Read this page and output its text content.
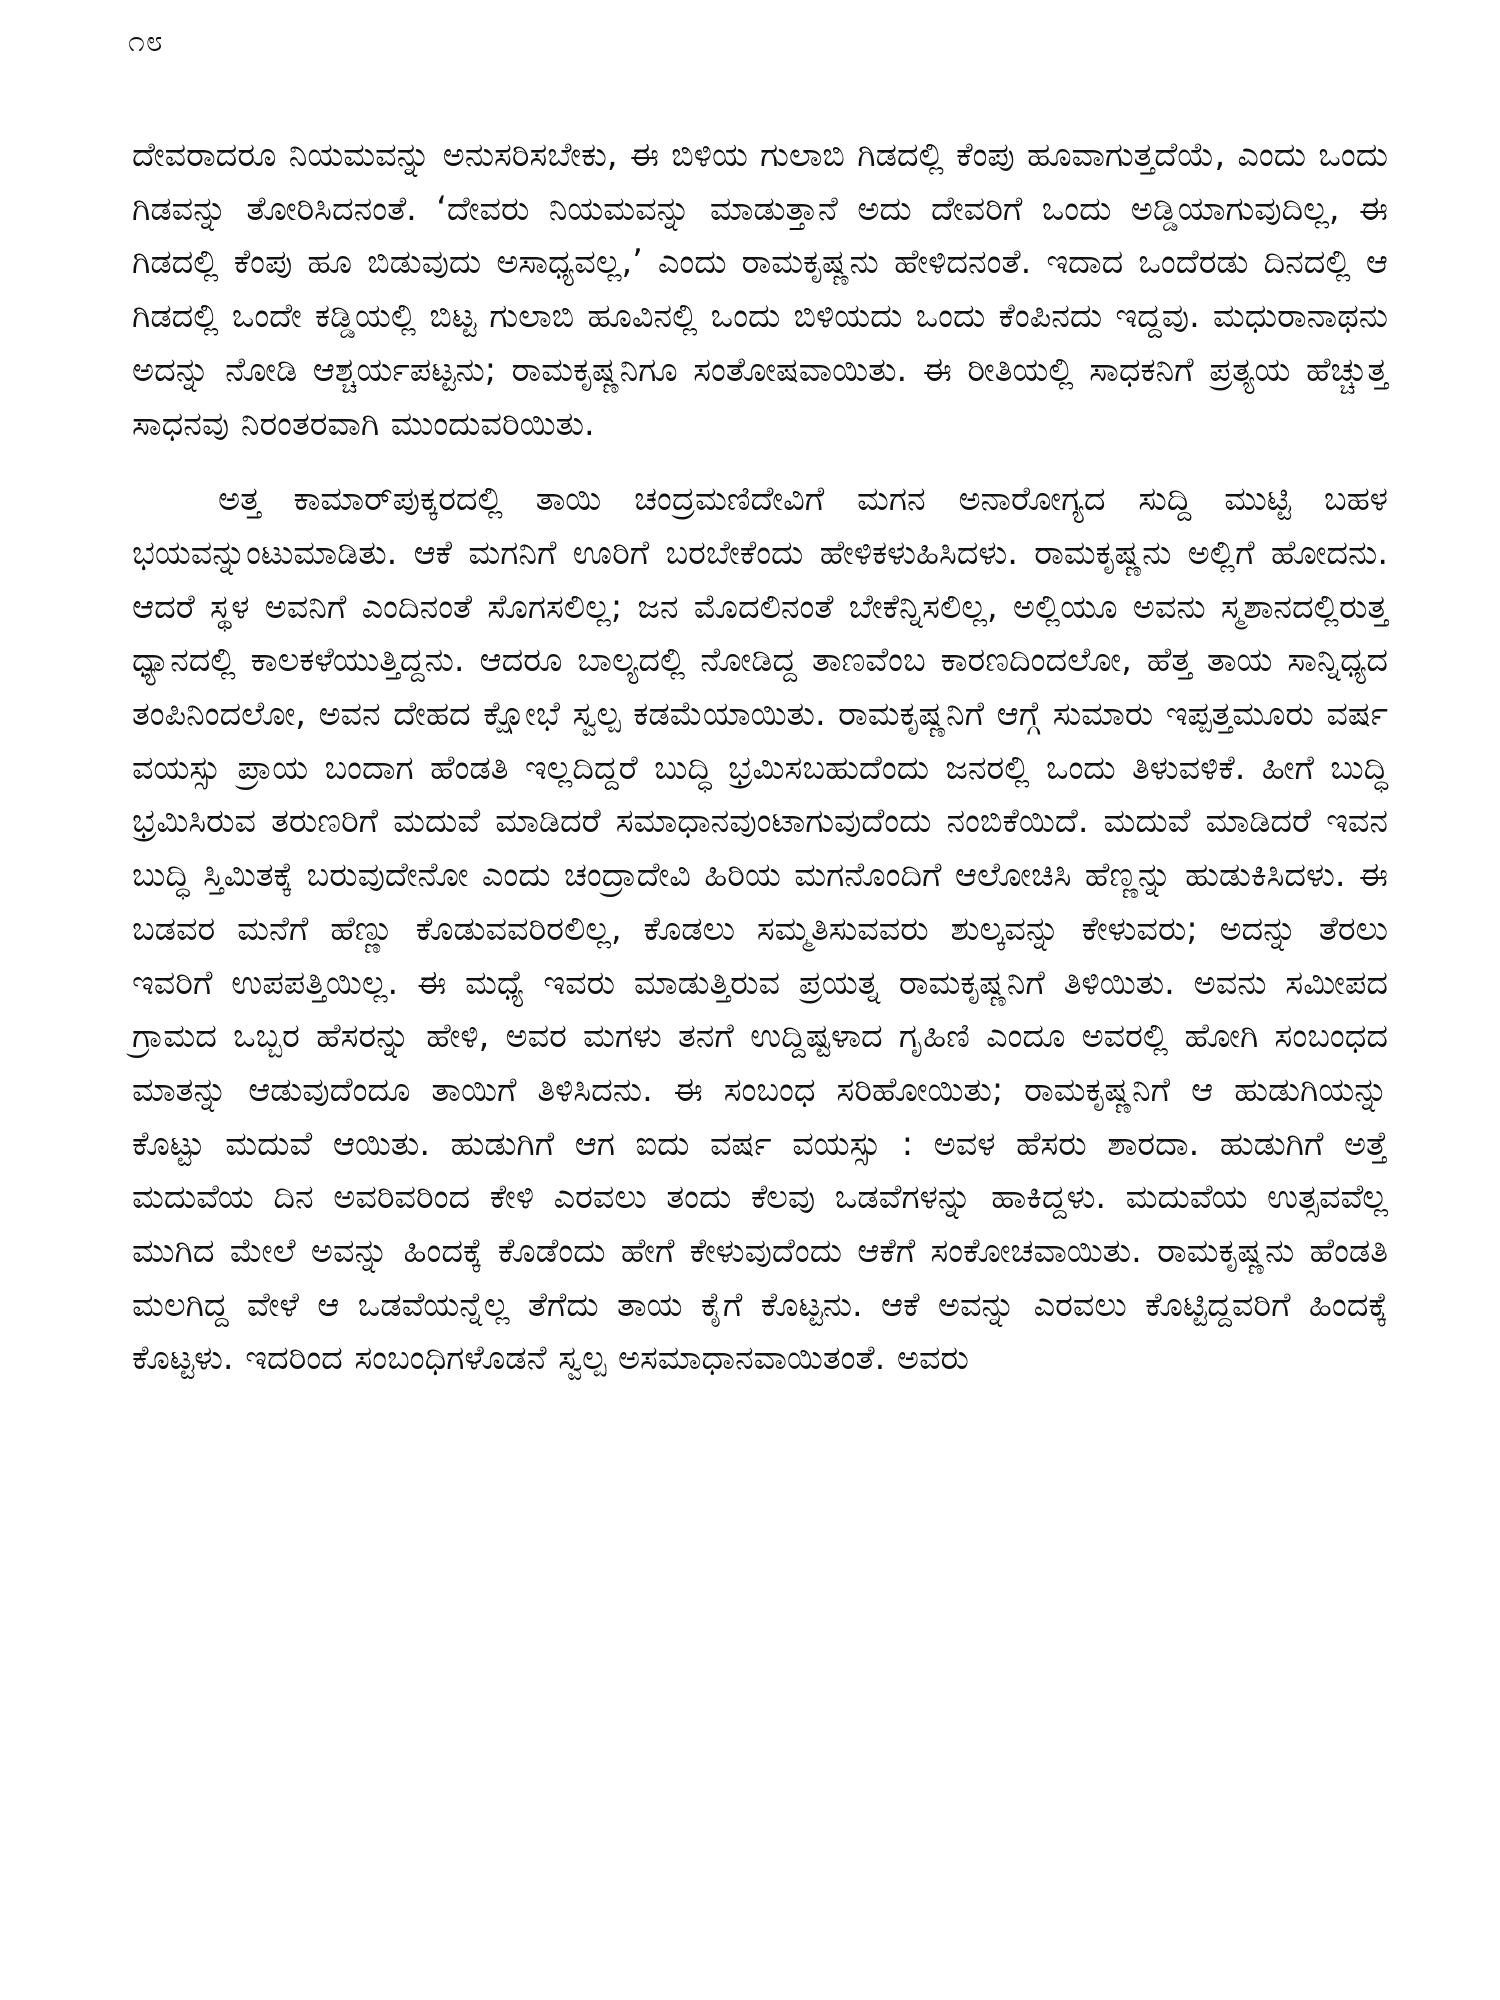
೧೮

ದೇವರಾದರೂ ನಿಯಮವನ್ನು ಅನುಸರಿಸಬೇಕು, ಈ ಬಿಳಿಯ ಗುಲಾಬಿ ಗಿಡದಲ್ಲಿ ಕೆಂಪು ಹೂವಾಗುತ್ತದೆಯೆ, ಎಂದು ಒಂದು ಗಿಡವನ್ನು ತೋರಿಸಿದನಂತೆ. ‘ದೇವರು ನಿಯಮವನ್ನು ಮಾಡುತ್ತಾನೆ ಅದು ದೇವರಿಗೆ ಒಂದು ಅಡ್ಡಿಯಾಗುವುದಿಲ್ಲ, ಈ ಗಿಡದಲ್ಲಿ ಕೆಂಪು ಹೂ ಬಿಡುವುದು ಅಸಾಧ್ಯವಲ್ಲ,’ ಎಂದು ರಾಮಕೃಷ್ಣನು ಹೇಳಿದನಂತೆ. ಇದಾದ ಒಂದೆರಡು ದಿನದಲ್ಲಿ ಆ ಗಿಡದಲ್ಲಿ ಒಂದೇ ಕಡ್ಡಿಯಲ್ಲಿ ಬಿಟ್ಟ ಗುಲಾಬಿ ಹೂವಿನಲ್ಲಿ ಒಂದು ಬಿಳಿಯದು ಒಂದು ಕೆಂಪಿನದು ಇದ್ದವು. ಮಧುರಾನಾಥನು ಅದನ್ನು ನೋಡಿ ಆಶ್ಚರ್ಯಪಟ್ಟನು; ರಾಮಕೃಷ್ಣನಿಗೂ ಸಂತೋಷವಾಯಿತು. ಈ ರೀತಿಯಲ್ಲಿ ಸಾಧಕನಿಗೆ ಪ್ರತ್ಯಯ ಹೆಚ್ಚುತ್ತ ಸಾಧನವು ನಿರಂತರವಾಗಿ ಮುಂದುವರಿಯಿತು.

ಅತ್ತ ಕಾಮಾರ್‌ಪುಕ್ಕರದಲ್ಲಿ ತಾಯಿ ಚಂದ್ರಮಣಿದೇವಿಗೆ ಮಗನ ಅನಾರೋಗ್ಯದ ಸುದ್ದಿ ಮುಟ್ಟಿ ಬಹಳ ಭಯವನ್ನುಂಟುಮಾಡಿತು. ಆಕೆ ಮಗನಿಗೆ ಊರಿಗೆ ಬರಬೇಕೆಂದು ಹೇಳಿಕಳುಹಿಸಿದಳು. ರಾಮಕೃಷ್ಣನು ಅಲ್ಲಿಗೆ ಹೋದನು. ಆದರೆ ಸ್ಥಳ ಅವನಿಗೆ ಎಂದಿನಂತೆ ಸೊಗಸಲಿಲ್ಲ; ಜನ ಮೊದಲಿನಂತೆ ಬೇಕೆನ್ನಿಸಲಿಲ್ಲ, ಅಲ್ಲಿಯೂ ಅವನು ಸ್ಮಶಾನದಲ್ಲಿರುತ್ತ ಧ್ಯಾನದಲ್ಲಿ ಕಾಲಕಳೆಯುತ್ತಿದ್ದನು. ಆದರೂ ಬಾಲ್ಯದಲ್ಲಿ ನೋಡಿದ್ದ ತಾಣವೆಂಬ ಕಾರಣದಿಂದಲೋ, ಹೆತ್ತ ತಾಯ ಸಾನ್ನಿಧ್ಯದ ತಂಪಿನಿಂದಲೋ, ಅವನ ದೇಹದ ಕ್ಷೋಭೆ ಸ್ವಲ್ಪ ಕಡಮೆಯಾಯಿತು. ರಾಮಕೃಷ್ಣನಿಗೆ ಆಗ್ಗೆ ಸುಮಾರು ಇಪ್ಪತ್ತಮೂರು ವರ್ಷ ವಯಸ್ಸು ಪ್ರಾಯ ಬಂದಾಗ ಹೆಂಡತಿ ಇಲ್ಲದಿದ್ದರೆ ಬುದ್ಧಿ ಭ್ರಮಿಸಬಹುದೆಂದು ಜನರಲ್ಲಿ ಒಂದು ತಿಳುವಳಿಕೆ. ಹೀಗೆ ಬುದ್ಧಿ ಭ್ರಮಿಸಿರುವ ತರುಣರಿಗೆ ಮದುವೆ ಮಾಡಿದರೆ ಸಮಾಧಾನವುಂಟಾಗುವುದೆಂದು ನಂಬಿಕೆಯಿದೆ. ಮದುವೆ ಮಾಡಿದರೆ ಇವನ ಬುದ್ಧಿ ಸ್ತಿಮಿತಕ್ಕೆ ಬರುವುದೇನೋ ಎಂದು ಚಂದ್ರಾದೇವಿ ಹಿರಿಯ ಮಗನೊಂದಿಗೆ ಆಲೋಚಿಸಿ ಹೆಣ್ಣನ್ನು ಹುಡುಕಿಸಿದಳು. ಈ ಬಡವರ ಮನೆಗೆ ಹೆಣ್ಣು ಕೊಡುವವರಿರಲಿಲ್ಲ, ಕೊಡಲು ಸಮ್ಮತಿಸುವವರು ಶುಲ್ಕವನ್ನು ಕೇಳುವರು; ಅದನ್ನು ತೆರಲು ಇವರಿಗೆ ಉಪಪತ್ತಿಯಿಲ್ಲ. ಈ ಮಧ್ಯೆ ಇವರು ಮಾಡುತ್ತಿರುವ ಪ್ರಯತ್ನ ರಾಮಕೃಷ್ಣನಿಗೆ ತಿಳಿಯಿತು. ಅವನು ಸಮೀಪದ ಗ್ರಾಮದ ಒಬ್ಬರ ಹೆಸರನ್ನು ಹೇಳಿ, ಅವರ ಮಗಳು ತನಗೆ ಉದ್ದಿಷ್ಟಳಾದ ಗೃಹಿಣಿ ಎಂದೂ ಅವರಲ್ಲಿ ಹೋಗಿ ಸಂಬಂಧದ ಮಾತನ್ನು ಆಡುವುದೆಂದೂ ತಾಯಿಗೆ ತಿಳಿಸಿದನು. ಈ ಸಂಬಂಧ ಸರಿಹೋಯಿತು; ರಾಮಕೃಷ್ಣನಿಗೆ ಆ ಹುಡುಗಿಯನ್ನು ಕೊಟ್ಟು ಮದುವೆ ಆಯಿತು. ಹುಡುಗಿಗೆ ಆಗ ಐದು ವರ್ಷ ವಯಸ್ಸು : ಅವಳ ಹೆಸರು ಶಾರದಾ. ಹುಡುಗಿಗೆ ಅತ್ತೆ ಮದುವೆಯ ದಿನ ಅವರಿವರಿಂದ ಕೇಳಿ ಎರವಲು ತಂದು ಕೆಲವು ಒಡವೆಗಳನ್ನು ಹಾಕಿದ್ದಳು. ಮದುವೆಯ ಉತ್ಸವವೆಲ್ಲ ಮುಗಿದ ಮೇಲೆ ಅವನ್ನು ಹಿಂದಕ್ಕೆ ಕೊಡೆಂದು ಹೇಗೆ ಕೇಳುವುದೆಂದು ಆಕೆಗೆ ಸಂಕೋಚವಾಯಿತು. ರಾಮಕೃಷ್ಣನು ಹೆಂಡತಿ ಮಲಗಿದ್ದ ವೇಳೆ ಆ ಒಡವೆಯನ್ನೆಲ್ಲ ತೆಗೆದು ತಾಯ ಕೈಗೆ ಕೊಟ್ಟನು. ಆಕೆ ಅವನ್ನು ಎರವಲು ಕೊಟ್ಟಿದ್ದವರಿಗೆ ಹಿಂದಕ್ಕೆ ಕೊಟ್ಟಳು. ಇದರಿಂದ ಸಂಬಂಧಿಗಳೊಡನೆ ಸ್ವಲ್ಪ ಅಸಮಾಧಾನವಾಯಿತಂತೆ. ಅವರು
